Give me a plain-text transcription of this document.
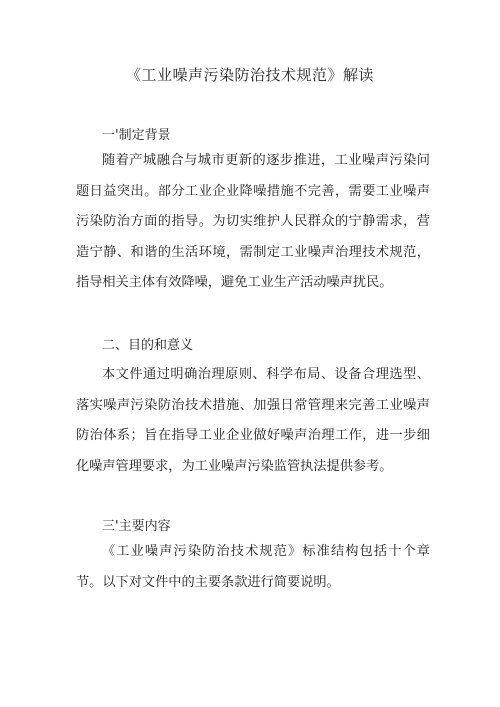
《工业噪声污染防治技术规范》解读
一'制定背景

随着产城融合与城市更新的逐步推进，工业噪声污染问题日益突出。部分工业企业降噪措施不完善，需要工业噪声污染防治方面的指导。为切实维护人民群众的宁静需求，营造宁静、和谐的生活环境，需制定工业噪声治理技术规范，指导相关主体有效降噪，避免工业生产活动噪声扰民。

二、目的和意义

本文件通过明确治理原则、科学布局、设备合理选型、落实噪声污染防治技术措施、加强日常管理来完善工业噪声防治体系；旨在指导工业企业做好噪声治理工作，进一步细化噪声管理要求，为工业噪声污染监管执法提供参考。

三'主要内容

《工业噪声污染防治技术规范》标准结构包括十个章节。以下对文件中的主要条款进行简要说明。
